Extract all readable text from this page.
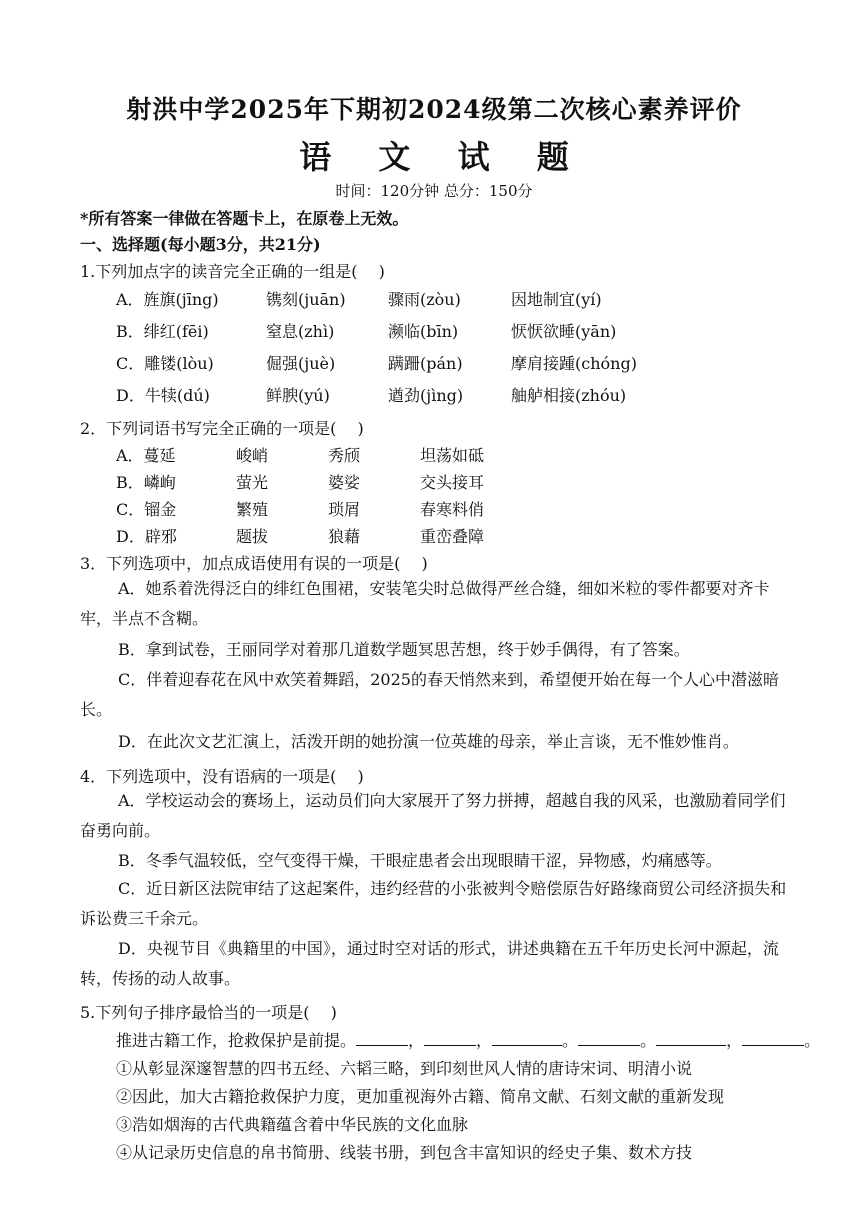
射洪中学2025年下期初2024级第二次核心素养评价
语 文 试 题
时间：120分钟 总分：150分
*所有答案一律做在答题卡上，在原卷上无效。
一、选择题(每小题3分，共21分)
1.下列加点字的读音完全正确的一组是(　 )
A．旌旗(jīng)	镌刻(juān)	骤雨(zòu)	因地制宜(yí)
B．绯红(fēi)	窒息(zhì)	濒临(bīn)	恹恹欲睡(yān)
C．雕镂(lòu)	倔强(juè)	蹒跚(pán)	摩肩接踵(chóng)
D．牛犊(dú)	鲜腴(yú)	遒劲(jìng)	舳舻相接(zhóu)
2．下列词语书写完全正确的一项是(　 )
A．蔓延	峻峭	秀颀	坦荡如砥
B．嶙峋	萤光	婆娑	交头接耳
C．镏金	繁殖	琐屑	春寒料俏
D．辟邪	题拔	狼藉	重峦叠障
3．下列选项中，加点成语使用有误的一项是(　 )
A．她系着洗得泛白的绯红色围裙，安装笔尖时总做得严丝合缝，细如米粒的零件都要对齐卡牢，半点不含糊。
B．拿到试卷，王丽同学对着那几道数学题冥思苦想，终于妙手偶得，有了答案。
C．伴着迎春花在风中欢笑着舞蹈，2025的春天悄然来到，希望便开始在每一个人心中潜滋暗长。
D．在此次文艺汇演上，活泼开朗的她扮演一位英雄的母亲，举止言谈，无不惟妙惟肖。
4．下列选项中，没有语病的一项是(　 )
A．学校运动会的赛场上，运动员们向大家展开了努力拼搏，超越自我的风采，也激励着同学们奋勇向前。
B．冬季气温较低，空气变得干燥，干眼症患者会出现眼睛干涩，异物感，灼痛感等。
C．近日新区法院审结了这起案件，违约经营的小张被判令赔偿原告好路缘商贸公司经济损失和诉讼费三千余元。
D．央视节目《典籍里的中国》，通过时空对话的形式，讲述典籍在五千年历史长河中源起，流转，传扬的动人故事。
5.下列句子排序最恰当的一项是(　 )
推进古籍工作，抢救保护是前提。	，	，	。	。	，	。
①从彰显深邃智慧的四书五经、六韬三略，到印刻世风人情的唐诗宋词、明清小说
②因此，加大古籍抢救保护力度，更加重视海外古籍、简帛文献、石刻文献的重新发现
③浩如烟海的古代典籍蕴含着中华民族的文化血脉
④从记录历史信息的帛书简册、线装书册，到包含丰富知识的经史子集、数术方技
